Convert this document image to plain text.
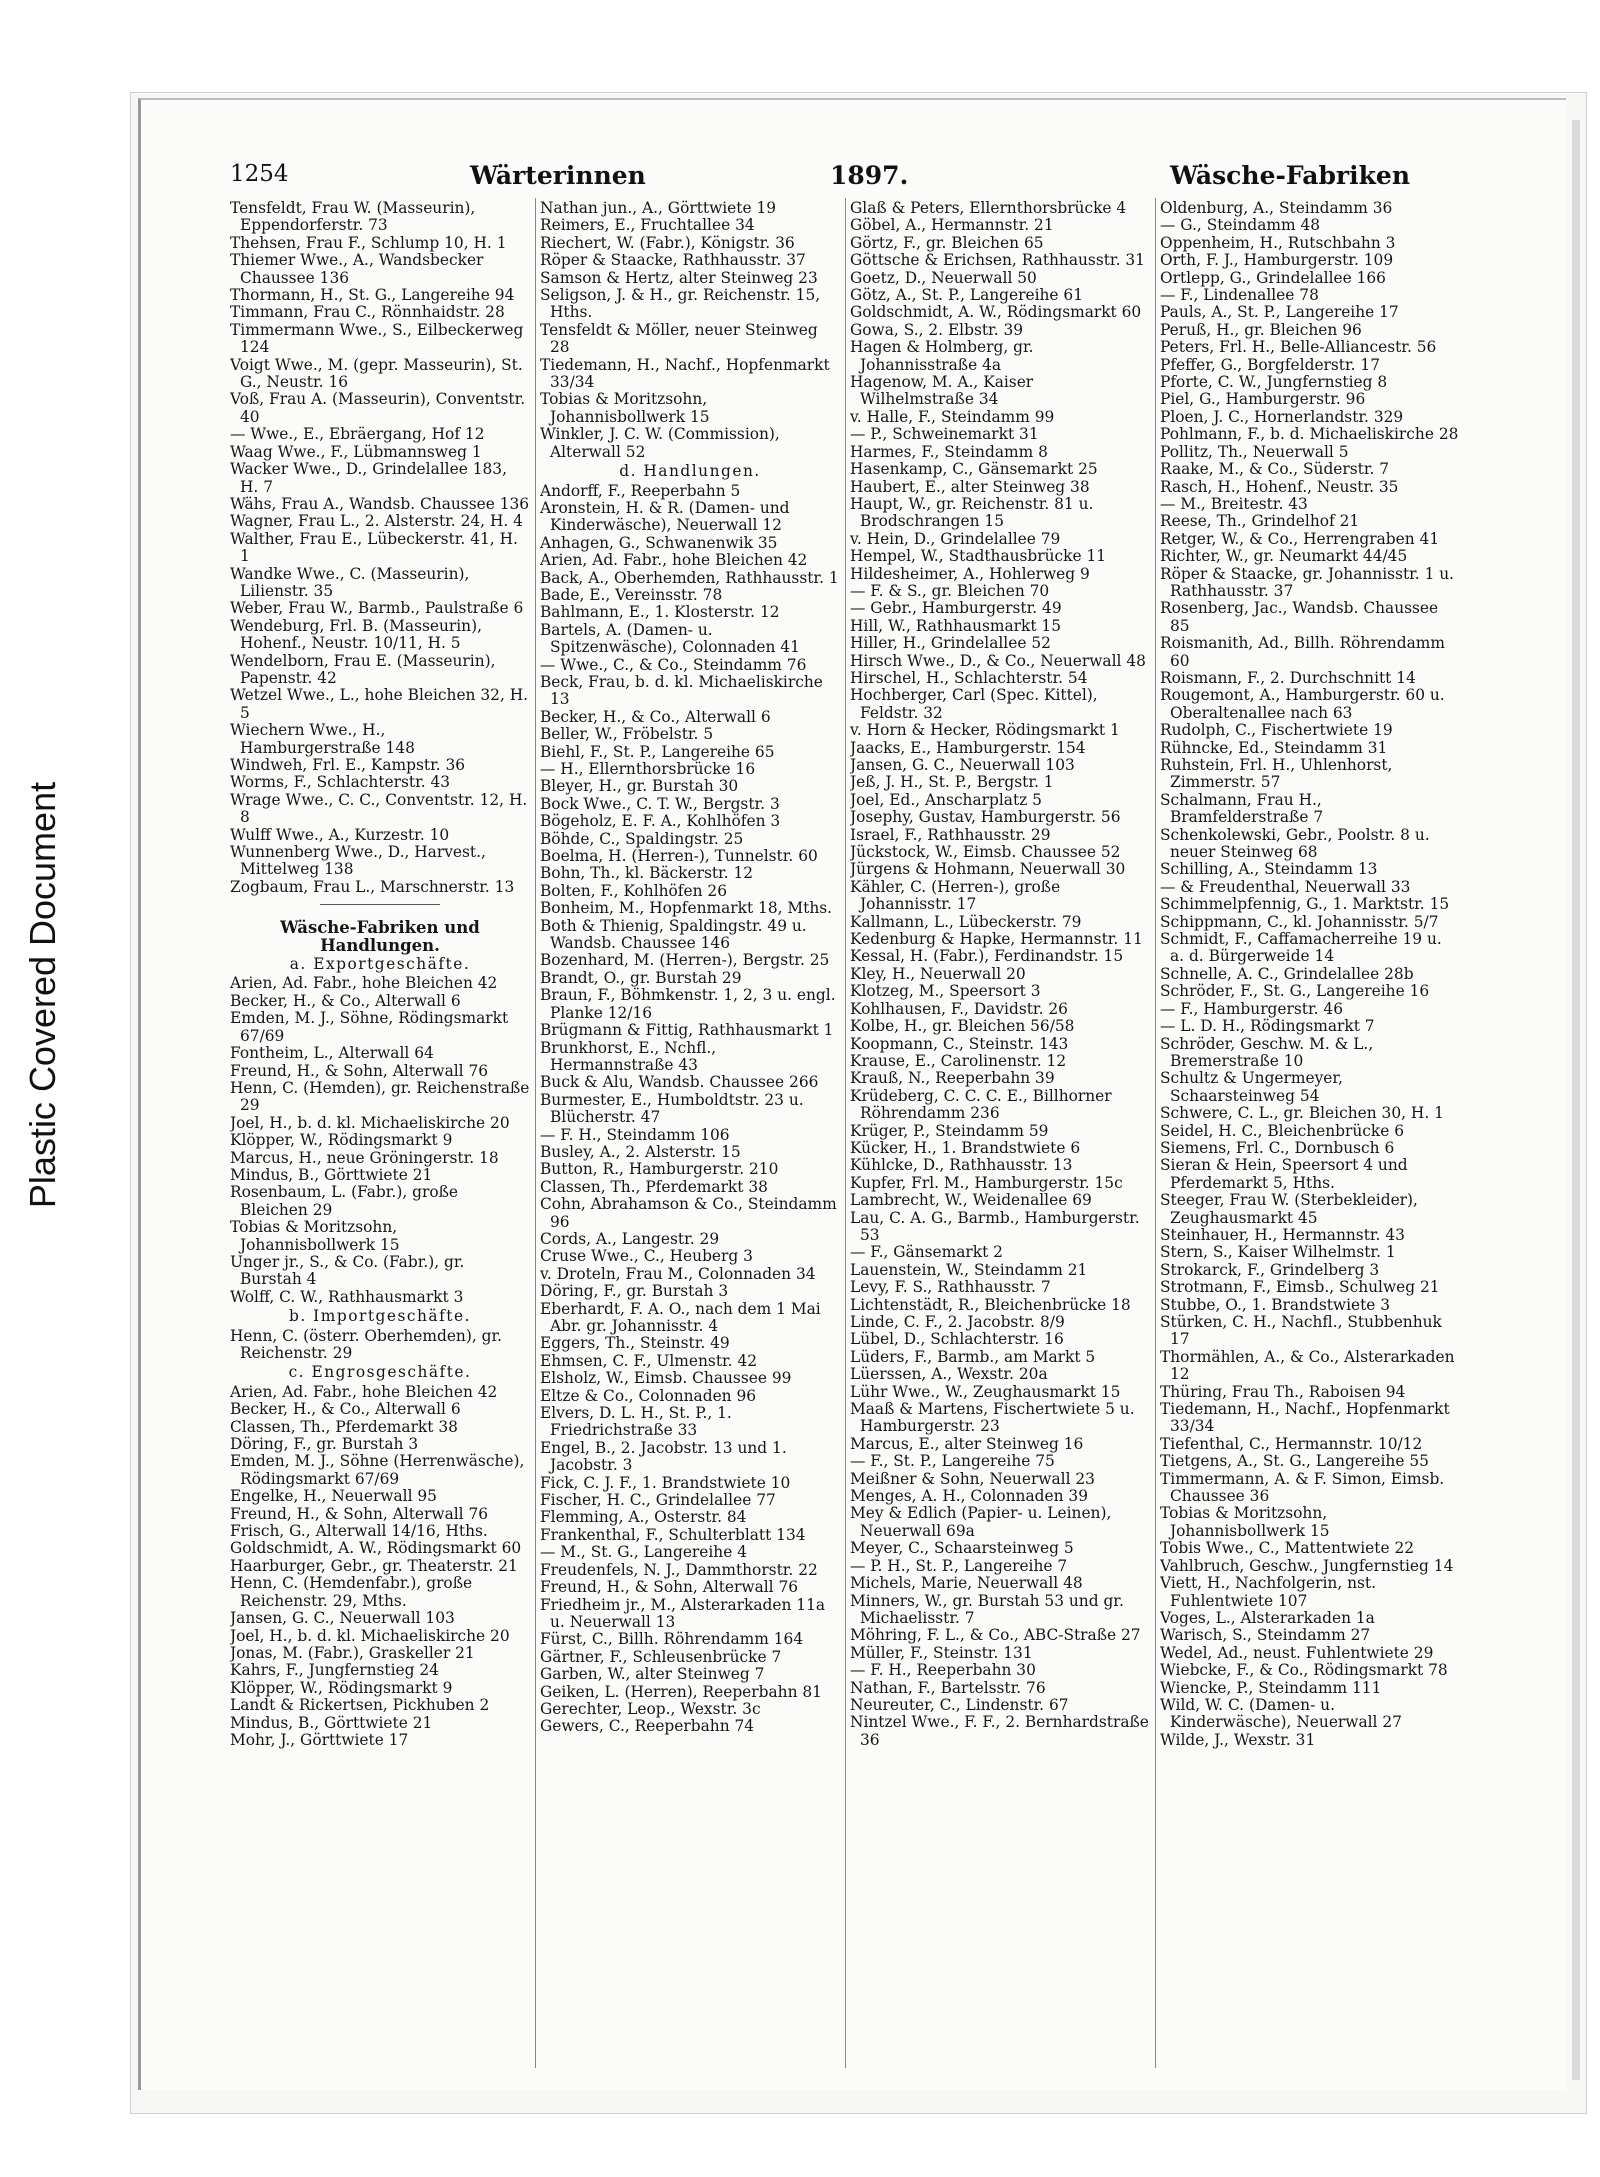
Plastic Covered Document
1254	Wärterinnen	1897.	Wäsche-Fabriken
Tensfeldt, Frau W. (Masseurin), Eppendorferstr. 73
Thehsen, Frau F., Schlump 10, H. 1
Thiemer Wwe., A., Wandsbecker Chaussee 136
Thormann, H., St. G., Langereihe 94
Timmann, Frau C., Rönnhaidstr. 28
Timmermann Wwe., S., Eilbeckerweg 124
Voigt Wwe., M. (gepr. Masseurin), St. G., Neustr. 16
Voß, Frau A. (Masseurin), Conventstr. 40
— Wwe., E., Ebräergang, Hof 12
Waag Wwe., F., Lübmannsweg 1
Wacker Wwe., D., Grindelallee 183, H. 7
Wähs, Frau A., Wandsb. Chaussee 136
Wagner, Frau L., 2. Alsterstr. 24, H. 4
Walther, Frau E., Lübeckerstr. 41, H. 1
Wandke Wwe., C. (Masseurin), Lilienstr. 35
Weber, Frau W., Barmb., Paulstraße 6
Wendeburg, Frl. B. (Masseurin), Hohenf., Neustr. 10/11, H. 5
Wendelborn, Frau E. (Masseurin), Papenstr. 42
Wetzel Wwe., L., hohe Bleichen 32, H. 5
Wiechern Wwe., H., Hamburgerstraße 148
Windweh, Frl. E., Kampstr. 36
Worms, F., Schlachterstr. 43
Wrage Wwe., C. C., Conventstr. 12, H. 8
Wulff Wwe., A., Kurzestr. 10
Wunnenberg Wwe., D., Harvest., Mittelweg 138
Zogbaum, Frau L., Marschnerstr. 13
Wäsche-Fabriken und Handlungen.
a. Exportgeschäfte.
Arien, Ad. Fabr., hohe Bleichen 42
Becker, H., & Co., Alterwall 6
Emden, M. J., Söhne, Rödingsmarkt 67/69
Fontheim, L., Alterwall 64
Freund, H., & Sohn, Alterwall 76
Henn, C. (Hemden), gr. Reichenstraße 29
Joel, H., b. d. kl. Michaeliskirche 20
Klöpper, W., Rödingsmarkt 9
Marcus, H., neue Gröningerstr. 18
Mindus, B., Görttwiete 21
Rosenbaum, L. (Fabr.), große Bleichen 29
Tobias & Moritzsohn, Johannisbollwerk 15
Unger jr., S., & Co. (Fabr.), gr. Burstah 4
Wolff, C. W., Rathhausmarkt 3
b. Importgeschäfte.
Henn, C. (österr. Oberhemden), gr. Reichenstr. 29
c. Engrosgeschäfte.
Arien, Ad. Fabr., hohe Bleichen 42
Becker, H., & Co., Alterwall 6
Classen, Th., Pferdemarkt 38
Döring, F., gr. Burstah 3
Emden, M. J., Söhne (Herrenwäsche), Rödingsmarkt 67/69
Engelke, H., Neuerwall 95
Freund, H., & Sohn, Alterwall 76
Frisch, G., Alterwall 14/16, Hths.
Goldschmidt, A. W., Rödingsmarkt 60
Haarburger, Gebr., gr. Theaterstr. 21
Henn, C. (Hemdenfabr.), große Reichenstr. 29, Mths.
Jansen, G. C., Neuerwall 103
Joel, H., b. d. kl. Michaeliskirche 20
Jonas, M. (Fabr.), Graskeller 21
Kahrs, F., Jungfernstieg 24
Klöpper, W., Rödingsmarkt 9
Landt & Rickertsen, Pickhuben 2
Mindus, B., Görttwiete 21
Mohr, J., Görttwiete 17
Nathan jun., A., Görttwiete 19
Reimers, E., Fruchtallee 34
Riechert, W. (Fabr.), Königstr. 36
Röper & Staacke, Rathhausstr. 37
Samson & Hertz, alter Steinweg 23
Seligson, J. & H., gr. Reichenstr. 15, Hths.
Tensfeldt & Möller, neuer Steinweg 28
Tiedemann, H., Nachf., Hopfenmarkt 33/34
Tobias & Moritzsohn, Johannisbollwerk 15
Winkler, J. C. W. (Commission), Alterwall 52
d. Handlungen.
Andorff, F., Reeperbahn 5
Aronstein, H. & R. (Damen- und Kinderwäsche), Neuerwall 12
Anhagen, G., Schwanenwik 35
Arien, Ad. Fabr., hohe Bleichen 42
Back, A., Oberhemden, Rathhausstr. 1
Bade, E., Vereinsstr. 78
Bahlmann, E., 1. Klosterstr. 12
Bartels, A. (Damen- u. Spitzenwäsche), Colonnaden 41
— Wwe., C., & Co., Steindamm 76
Beck, Frau, b. d. kl. Michaeliskirche 13
Becker, H., & Co., Alterwall 6
Beller, W., Fröbelstr. 5
Biehl, F., St. P., Langereihe 65
— H., Ellernthorsbrücke 16
Bleyer, H., gr. Burstah 30
Bock Wwe., C. T. W., Bergstr. 3
Bögeholz, E. F. A., Kohlhöfen 3
Böhde, C., Spaldingstr. 25
Boelma, H. (Herren-), Tunnelstr. 60
Bohn, Th., kl. Bäckerstr. 12
Bolten, F., Kohlhöfen 26
Bonheim, M., Hopfenmarkt 18, Mths.
Both & Thienig, Spaldingstr. 49 u. Wandsb. Chaussee 146
Bozenhard, M. (Herren-), Bergstr. 25
Brandt, O., gr. Burstah 29
Braun, F., Böhmkenstr. 1, 2, 3 u. engl. Planke 12/16
Brügmann & Fittig, Rathhausmarkt 1
Brunkhorst, E., Nchfl., Hermannstraße 43
Buck & Alu, Wandsb. Chaussee 266
Burmester, E., Humboldtstr. 23 u. Blücherstr. 47
— F. H., Steindamm 106
Busley, A., 2. Alsterstr. 15
Button, R., Hamburgerstr. 210
Classen, Th., Pferdemarkt 38
Cohn, Abrahamson & Co., Steindamm 96
Cords, A., Langestr. 29
Cruse Wwe., C., Heuberg 3
v. Droteln, Frau M., Colonnaden 34
Döring, F., gr. Burstah 3
Eberhardt, F. A. O., nach dem 1 Mai Abr. gr. Johannisstr. 4
Eggers, Th., Steinstr. 49
Ehmsen, C. F., Ulmenstr. 42
Elsholz, W., Eimsb. Chaussee 99
Eltze & Co., Colonnaden 96
Elvers, D. L. H., St. P., 1. Friedrichstraße 33
Engel, B., 2. Jacobstr. 13 und 1. Jacobstr. 3
Fick, C. J. F., 1. Brandstwiete 10
Fischer, H. C., Grindelallee 77
Flemming, A., Osterstr. 84
Frankenthal, F., Schulterblatt 134
— M., St. G., Langereihe 4
Freudenfels, N. J., Dammthorstr. 22
Freund, H., & Sohn, Alterwall 76
Friedheim jr., M., Alsterarkaden 11a u. Neuerwall 13
Fürst, C., Billh. Röhrendamm 164
Gärtner, F., Schleusenbrücke 7
Garben, W., alter Steinweg 7
Geiken, L. (Herren), Reeperbahn 81
Gerechter, Leop., Wexstr. 3c
Gewers, C., Reeperbahn 74
Glaß & Peters, Ellernthorsbrücke 4
Göbel, A., Hermannstr. 21
Görtz, F., gr. Bleichen 65
Göttsche & Erichsen, Rathhausstr. 31
Goetz, D., Neuerwall 50
Götz, A., St. P., Langereihe 61
Goldschmidt, A. W., Rödingsmarkt 60
Gowa, S., 2. Elbstr. 39
Hagen & Holmberg, gr. Johannisstraße 4a
Hagenow, M. A., Kaiser Wilhelmstraße 34
v. Halle, F., Steindamm 99
— P., Schweinemarkt 31
Harmes, F., Steindamm 8
Hasenkamp, C., Gänsemarkt 25
Haubert, E., alter Steinweg 38
Haupt, W., gr. Reichenstr. 81 u. Brodschrangen 15
v. Hein, D., Grindelallee 79
Hempel, W., Stadthausbrücke 11
Hildesheimer, A., Hohlerweg 9
— F. & S., gr. Bleichen 70
— Gebr., Hamburgerstr. 49
Hill, W., Rathhausmarkt 15
Hiller, H., Grindelallee 52
Hirsch Wwe., D., & Co., Neuerwall 48
Hirschel, H., Schlachterstr. 54
Hochberger, Carl (Spec. Kittel), Feldstr. 32
v. Horn & Hecker, Rödingsmarkt 1
Jaacks, E., Hamburgerstr. 154
Jansen, G. C., Neuerwall 103
Jeß, J. H., St. P., Bergstr. 1
Joel, Ed., Anscharplatz 5
Josephy, Gustav, Hamburgerstr. 56
Israel, F., Rathhausstr. 29
Jückstock, W., Eimsb. Chaussee 52
Jürgens & Hohmann, Neuerwall 30
Kähler, C. (Herren-), große Johannisstr. 17
Kallmann, L., Lübeckerstr. 79
Kedenburg & Hapke, Hermannstr. 11
Kessal, H. (Fabr.), Ferdinandstr. 15
Kley, H., Neuerwall 20
Klotzeg, M., Speersort 3
Kohlhausen, F., Davidstr. 26
Kolbe, H., gr. Bleichen 56/58
Koopmann, C., Steinstr. 143
Krause, E., Carolinenstr. 12
Krauß, N., Reeperbahn 39
Krüdeberg, C. C. C. E., Billhorner Röhrendamm 236
Krüger, P., Steindamm 59
Kücker, H., 1. Brandstwiete 6
Kühlcke, D., Rathhausstr. 13
Kupfer, Frl. M., Hamburgerstr. 15c
Lambrecht, W., Weidenallee 69
Lau, C. A. G., Barmb., Hamburgerstr. 53
— F., Gänsemarkt 2
Lauenstein, W., Steindamm 21
Levy, F. S., Rathhausstr. 7
Lichtenstädt, R., Bleichenbrücke 18
Linde, C. F., 2. Jacobstr. 8/9
Lübel, D., Schlachterstr. 16
Lüders, F., Barmb., am Markt 5
Lüerssen, A., Wexstr. 20a
Lühr Wwe., W., Zeughausmarkt 15
Maaß & Martens, Fischertwiete 5 u. Hamburgerstr. 23
Marcus, E., alter Steinweg 16
— F., St. P., Langereihe 75
Meißner & Sohn, Neuerwall 23
Menges, A. H., Colonnaden 39
Mey & Edlich (Papier- u. Leinen), Neuerwall 69a
Meyer, C., Schaarsteinweg 5
— P. H., St. P., Langereihe 7
Michels, Marie, Neuerwall 48
Minners, W., gr. Burstah 53 und gr. Michaelisstr. 7
Möhring, F. L., & Co., ABC-Straße 27
Müller, F., Steinstr. 131
— F. H., Reeperbahn 30
Nathan, F., Bartelsstr. 76
Neureuter, C., Lindenstr. 67
Nintzel Wwe., F. F., 2. Bernhardstraße 36
Oldenburg, A., Steindamm 36
— G., Steindamm 48
Oppenheim, H., Rutschbahn 3
Orth, F. J., Hamburgerstr. 109
Ortlepp, G., Grindelallee 166
— F., Lindenallee 78
Pauls, A., St. P., Langereihe 17
Peruß, H., gr. Bleichen 96
Peters, Frl. H., Belle-Alliancestr. 56
Pfeffer, G., Borgfelderstr. 17
Pforte, C. W., Jungfernstieg 8
Piel, G., Hamburgerstr. 96
Ploen, J. C., Hornerlandstr. 329
Pohlmann, F., b. d. Michaeliskirche 28
Pollitz, Th., Neuerwall 5
Raake, M., & Co., Süderstr. 7
Rasch, H., Hohenf., Neustr. 35
— M., Breitestr. 43
Reese, Th., Grindelhof 21
Retger, W., & Co., Herrengraben 41
Richter, W., gr. Neumarkt 44/45
Röper & Staacke, gr. Johannisstr. 1 u. Rathhausstr. 37
Rosenberg, Jac., Wandsb. Chaussee 85
Roismanith, Ad., Billh. Röhrendamm 60
Roismann, F., 2. Durchschnitt 14
Rougemont, A., Hamburgerstr. 60 u. Oberaltenallee nach 63
Rudolph, C., Fischertwiete 19
Rühncke, Ed., Steindamm 31
Ruhstein, Frl. H., Uhlenhorst, Zimmerstr. 57
Schalmann, Frau H., Bramfelderstraße 7
Schenkolewski, Gebr., Poolstr. 8 u. neuer Steinweg 68
Schilling, A., Steindamm 13
— & Freudenthal, Neuerwall 33
Schimmelpfennig, G., 1. Marktstr. 15
Schippmann, C., kl. Johannisstr. 5/7
Schmidt, F., Caffamacherreihe 19 u. a. d. Bürgerweide 14
Schnelle, A. C., Grindelallee 28b
Schröder, F., St. G., Langereihe 16
— F., Hamburgerstr. 46
— L. D. H., Rödingsmarkt 7
Schröder, Geschw. M. & L., Bremerstraße 10
Schultz & Ungermeyer, Schaarsteinweg 54
Schwere, C. L., gr. Bleichen 30, H. 1
Seidel, H. C., Bleichenbrücke 6
Siemens, Frl. C., Dornbusch 6
Sieran & Hein, Speersort 4 und Pferdemarkt 5, Hths.
Steeger, Frau W. (Sterbekleider), Zeughausmarkt 45
Steinhauer, H., Hermannstr. 43
Stern, S., Kaiser Wilhelmstr. 1
Strokarck, F., Grindelberg 3
Strotmann, F., Eimsb., Schulweg 21
Stubbe, O., 1. Brandstwiete 3
Stürken, C. H., Nachfl., Stubbenhuk 17
Thormählen, A., & Co., Alsterarkaden 12
Thüring, Frau Th., Raboisen 94
Tiedemann, H., Nachf., Hopfenmarkt 33/34
Tiefenthal, C., Hermannstr. 10/12
Tietgens, A., St. G., Langereihe 55
Timmermann, A. & F. Simon, Eimsb. Chaussee 36
Tobias & Moritzsohn, Johannisbollwerk 15
Tobis Wwe., C., Mattentwiete 22
Vahlbruch, Geschw., Jungfernstieg 14
Viett, H., Nachfolgerin, nst. Fuhlentwiete 107
Voges, L., Alsterarkaden 1a
Warisch, S., Steindamm 27
Wedel, Ad., neust. Fuhlentwiete 29
Wiebcke, F., & Co., Rödingsmarkt 78
Wiencke, P., Steindamm 111
Wild, W. C. (Damen- u. Kinderwäsche), Neuerwall 27
Wilde, J., Wexstr. 31
